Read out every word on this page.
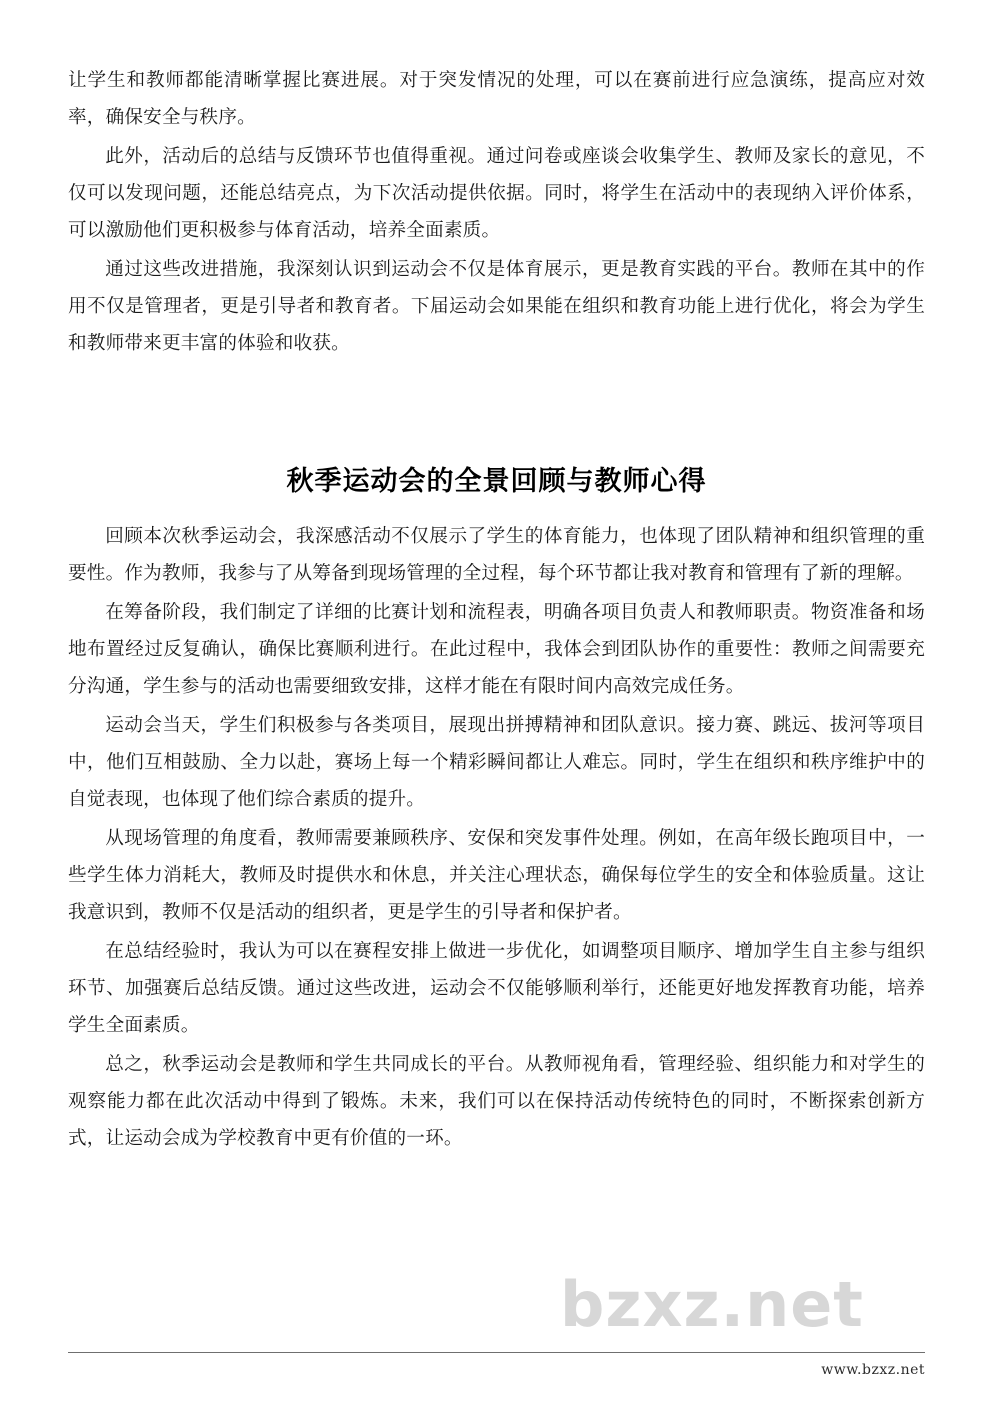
bzxz.net

让学生和教师都能清晰掌握比赛进展。对于突发情况的处理，可以在赛前进行应急演练，提高应对效率，确保安全与秩序。

此外，活动后的总结与反馈环节也值得重视。通过问卷或座谈会收集学生、教师及家长的意见，不仅可以发现问题，还能总结亮点，为下次活动提供依据。同时，将学生在活动中的表现纳入评价体系，可以激励他们更积极参与体育活动，培养全面素质。

通过这些改进措施，我深刻认识到运动会不仅是体育展示，更是教育实践的平台。教师在其中的作用不仅是管理者，更是引导者和教育者。下届运动会如果能在组织和教育功能上进行优化，将会为学生和教师带来更丰富的体验和收获。

秋季运动会的全景回顾与教师心得

回顾本次秋季运动会，我深感活动不仅展示了学生的体育能力，也体现了团队精神和组织管理的重要性。作为教师，我参与了从筹备到现场管理的全过程，每个环节都让我对教育和管理有了新的理解。

在筹备阶段，我们制定了详细的比赛计划和流程表，明确各项目负责人和教师职责。物资准备和场地布置经过反复确认，确保比赛顺利进行。在此过程中，我体会到团队协作的重要性：教师之间需要充分沟通，学生参与的活动也需要细致安排，这样才能在有限时间内高效完成任务。

运动会当天，学生们积极参与各类项目，展现出拼搏精神和团队意识。接力赛、跳远、拔河等项目中，他们互相鼓励、全力以赴，赛场上每一个精彩瞬间都让人难忘。同时，学生在组织和秩序维护中的自觉表现，也体现了他们综合素质的提升。

从现场管理的角度看，教师需要兼顾秩序、安保和突发事件处理。例如，在高年级长跑项目中，一些学生体力消耗大，教师及时提供水和休息，并关注心理状态，确保每位学生的安全和体验质量。这让我意识到，教师不仅是活动的组织者，更是学生的引导者和保护者。

在总结经验时，我认为可以在赛程安排上做进一步优化，如调整项目顺序、增加学生自主参与组织环节、加强赛后总结反馈。通过这些改进，运动会不仅能够顺利举行，还能更好地发挥教育功能，培养学生全面素质。

总之，秋季运动会是教师和学生共同成长的平台。从教师视角看，管理经验、组织能力和对学生的观察能力都在此次活动中得到了锻炼。未来，我们可以在保持活动传统特色的同时，不断探索创新方式，让运动会成为学校教育中更有价值的一环。

www.bzxz.net
